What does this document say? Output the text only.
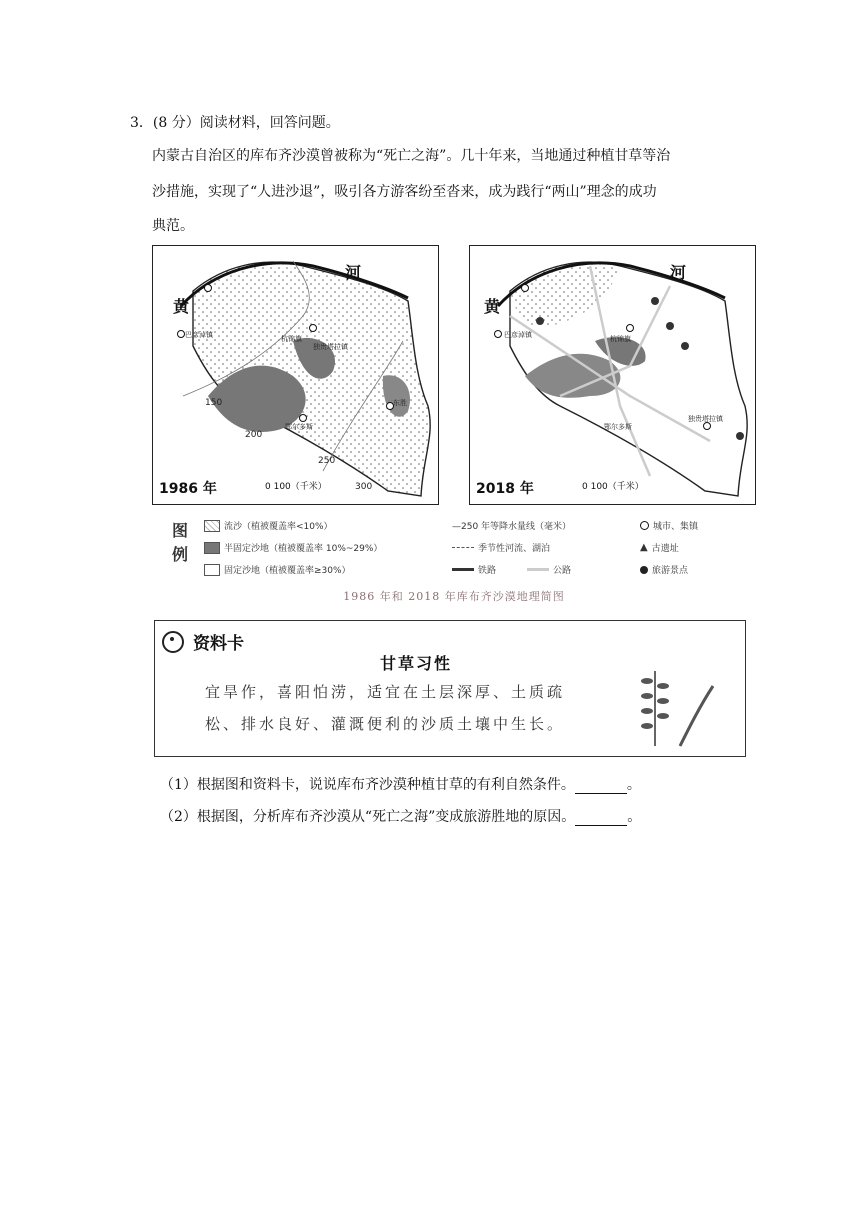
3．(8 分）阅读材料，回答问题。
内蒙古自治区的库布齐沙漠曾被称为“死亡之海”。几十年来，当地通过种植甘草等治
沙措施，实现了“人进沙退”，吸引各方游客纷至沓来，成为践行“两山”理念的成功
典范。
黄
河
巴彦淖镇	杭锦旗
鄂尔多斯
独贵塔拉镇
东胜
150
200
250
300
1986 年	0 100（千米）
黄
河
巴彦淖镇	杭锦旗
鄂尔多斯
独贵塔拉镇
2018 年	0 100（千米）
图例
流沙（植被覆盖率<10%）
半固定沙地（植被覆盖率 10%~29%）
固定沙地（植被覆盖率≥30%）
—250 年等降水量线（毫米）
季节性河流、湖泊
铁路	公路
城市、集镇
▲ 古遗址
旅游景点
1986 年和 2018 年库布齐沙漠地理简图
资料卡
甘草习性
宜旱作，喜阳怕涝，适宜在土层深厚、土质疏
松、排水良好、灌溉便利的沙质土壤中生长。
（1）根据图和资料卡，说说库布齐沙漠种植甘草的有利自然条件。	。
（2）根据图，分析库布齐沙漠从“死亡之海”变成旅游胜地的原因。	。
